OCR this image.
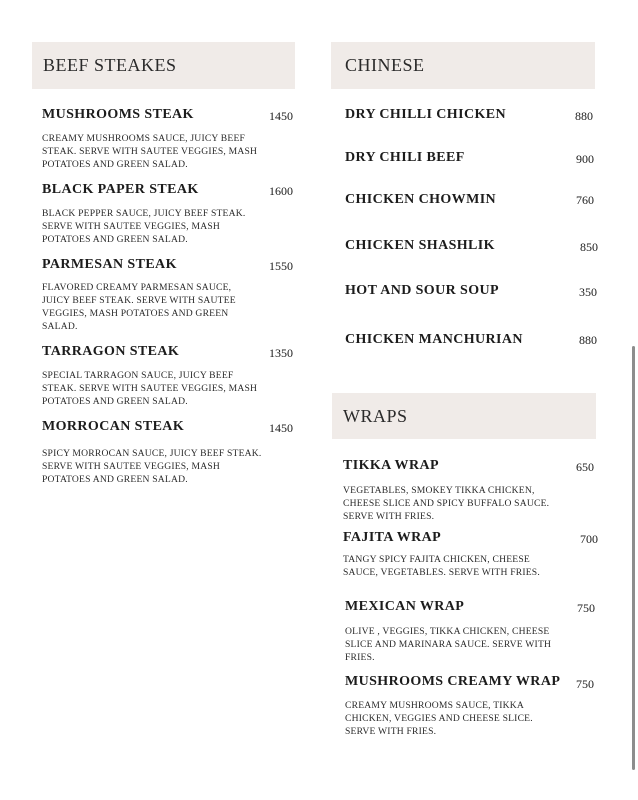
BEEF STEAKES
MUSHROOMS STEAK	1450
CREAMY MUSHROOMS SAUCE, JUICY BEEF STEAK. SERVE WITH SAUTEE VEGGIES, MASH POTATOES AND GREEN SALAD.
BLACK PAPER STEAK	1600
BLACK PEPPER SAUCE, JUICY BEEF STEAK. SERVE WITH SAUTEE VEGGIES, MASH POTATOES AND GREEN SALAD.
PARMESAN STEAK	1550
FLAVORED CREAMY PARMESAN SAUCE, JUICY BEEF STEAK. SERVE WITH SAUTEE VEGGIES, MASH POTATOES AND GREEN SALAD.
TARRAGON STEAK	1350
SPECIAL TARRAGON SAUCE, JUICY BEEF STEAK. SERVE WITH SAUTEE VEGGIES, MASH POTATOES AND GREEN SALAD.
MORROCAN STEAK	1450
SPICY MORROCAN SAUCE, JUICY BEEF STEAK. SERVE WITH SAUTEE VEGGIES, MASH POTATOES AND GREEN SALAD.
CHINESE
DRY CHILLI CHICKEN	880
DRY CHILI BEEF	900
CHICKEN CHOWMIN	760
CHICKEN SHASHLIK	850
HOT AND SOUR SOUP	350
CHICKEN MANCHURIAN	880
WRAPS
TIKKA WRAP	650
VEGETABLES, SMOKEY TIKKA CHICKEN, CHEESE SLICE AND SPICY BUFFALO SAUCE. SERVE WITH FRIES.
FAJITA WRAP	700
TANGY SPICY FAJITA CHICKEN, CHEESE SAUCE, VEGETABLES. SERVE WITH FRIES.
MEXICAN WRAP	750
OLIVE , VEGGIES, TIKKA CHICKEN, CHEESE SLICE AND MARINARA SAUCE. SERVE WITH FRIES.
MUSHROOMS CREAMY WRAP 750
CREAMY MUSHROOMS SAUCE, TIKKA CHICKEN, VEGGIES AND CHEESE SLICE. SERVE WITH FRIES.
